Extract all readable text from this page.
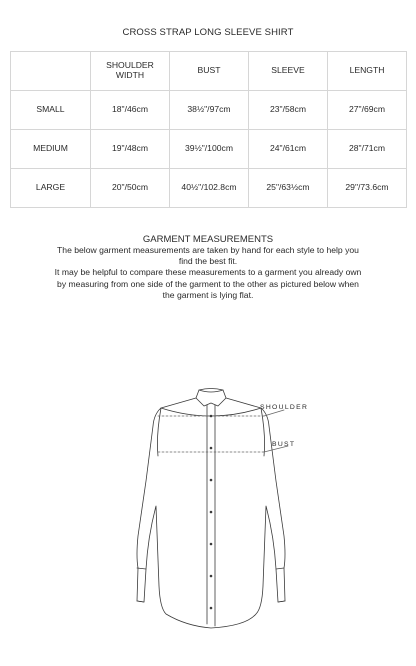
CROSS STRAP LONG SLEEVE SHIRT
	SHOULDER WIDTH	BUST	SLEEVE	LENGTH
SMALL	18"/46cm	38½"/97cm	23"/58cm	27"/69cm
MEDIUM	19"/48cm	39½"/100cm	24"/61cm	28"/71cm
LARGE	20"/50cm	40½"/102.8cm	25"/63½cm	29"/73.6cm
GARMENT MEASUREMENTS

The below garment measurements are taken by hand for each style to help you find the best fit.

It may be helpful to compare these measurements to a garment you already own by measuring from one side of the garment to the other as pictured below when the garment is lying flat.

SHOULDER
BUST
